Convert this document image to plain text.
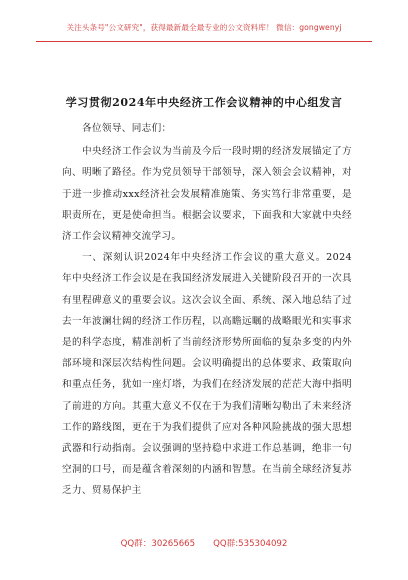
关注头条号"公文研究"，获得最新最全最专业的公文资料库！ 微信：gongwenyj
学习贯彻2024年中央经济工作会议精神的中心组发言

各位领导、同志们：

中央经济工作会议为当前及今后一段时期的经济发展锚定了方向、明晰了路径。作为党员领导干部领导，深入领会会议精神，对于进一步推动xxx经济社会发展精准施策、务实笃行非常重要，是职责所在，更是使命担当。根据会议要求，下面我和大家就中央经济工作会议精神交流学习。

一、深刻认识2024年中央经济工作会议的重大意义。2024年中央经济工作会议是在我国经济发展进入关键阶段召开的一次具有里程碑意义的重要会议。这次会议全面、系统、深入地总结了过去一年波澜壮阔的经济工作历程，以高瞻远瞩的战略眼光和实事求是的科学态度，精准剖析了当前经济形势所面临的复杂多变的内外部环境和深层次结构性问题。会议明确提出的总体要求、政策取向和重点任务，犹如一座灯塔，为我们在经济发展的茫茫大海中指明了前进的方向。其重大意义不仅在于为我们清晰勾勒出了未来经济工作的路线图，更在于为我们提供了应对各种风险挑战的强大思想武器和行动指南。会议强调的坚持稳中求进工作总基调，绝非一句空洞的口号，而是蕴含着深刻的内涵和智慧。在当前全球经济复苏乏力、贸易保护主

QQ群：30265665 QQ群:535304092
